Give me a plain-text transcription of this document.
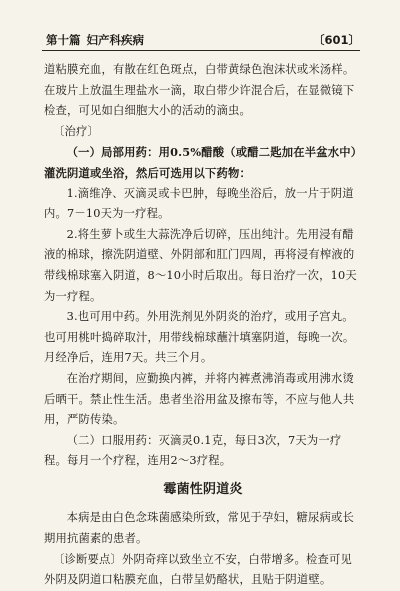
第十篇 妇产科疾病	〔601〕

道粘膜充血，有散在红色斑点，白带黄绿色泡沫状或米汤样。在玻片上放温生理盐水一滴，取白带少许混合后，在显微镜下检查，可见如白细胞大小的活动的滴虫。

〔治疗〕

（一）局部用药：用0.5%醋酸（或醋二匙加在半盆水中）灌洗阴道或坐浴，然后可选用以下药物：

1.滴维净、灭滴灵或卡巴肿，每晚坐浴后，放一片于阴道内。7－10天为一疗程。

2.将生萝卜或生大蒜洗净后切碎，压出纯汁。先用浸有醋液的棉球，擦洗阴道壁、外阴部和肛门四周，再将浸有榨液的带线棉球塞入阴道，8～10小时后取出。每日治疗一次，10天为一疗程。

3.也可用中药。外用洗剂见外阴炎的治疗，或用子宫丸。也可用桃叶捣碎取汁，用带线棉球蘸汁填塞阴道，每晚一次。月经净后，连用7天。共三个月。

在治疗期间，应勤换内裤，并将内裤煮沸消毒或用沸水烫后晒干。禁止性生活。患者坐浴用盆及擦布等，不应与他人共用，严防传染。

（二）口服用药：灭滴灵0.1克，每日3次，7天为一疗程。每月一个疗程，连用2～3疗程。

霉菌性阴道炎

本病是由白色念珠菌感染所致，常见于孕妇，糖尿病或长期用抗菌素的患者。

〔诊断要点〕外阴奇痒以致坐立不安，白带增多。检查可见外阴及阴道口粘膜充血，白带呈奶酪状，且贴于阴道壁。
